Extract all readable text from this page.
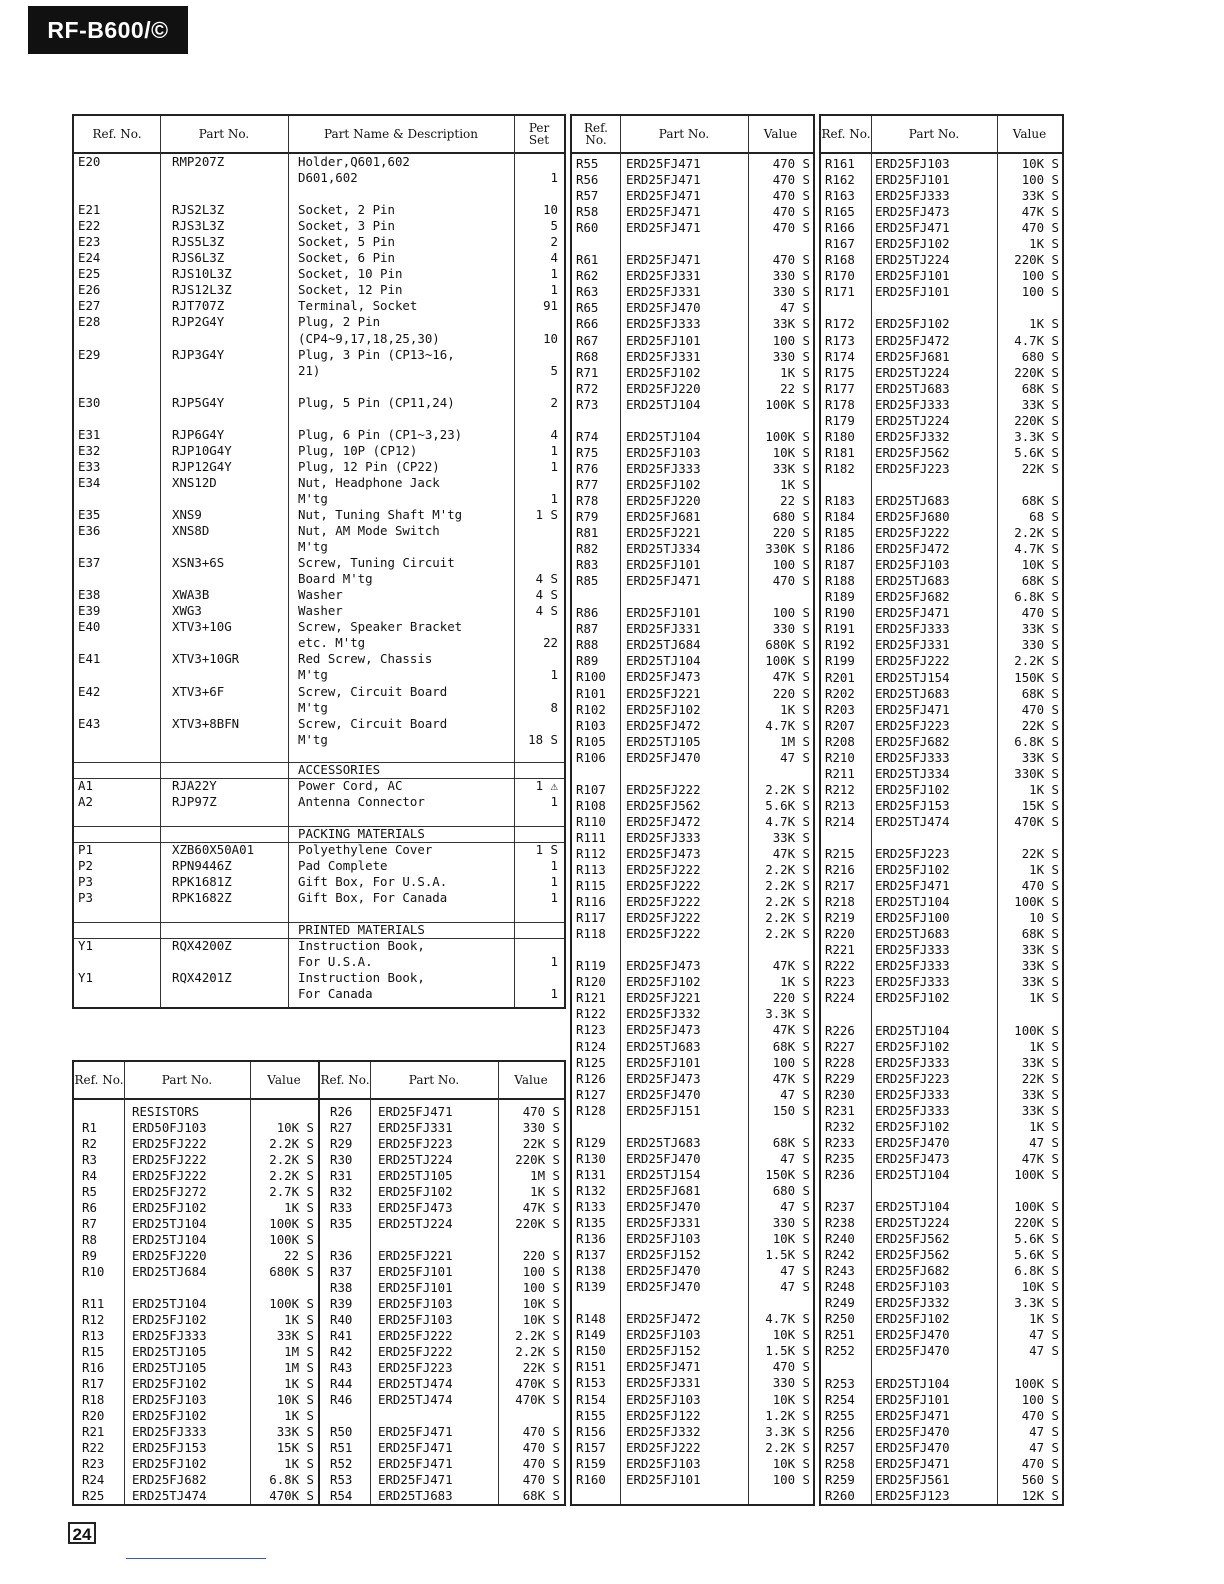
RF-B600/©
Ref. No.	Part No.	Part Name & Description	Per Set
E20	RMP207Z	Holder,Q601,602
D601,602	1
E21	RJS2L3Z	Socket, 2 Pin	10
E22	RJS3L3Z	Socket, 3 Pin	5
E23	RJS5L3Z	Socket, 5 Pin	2
E24	RJS6L3Z	Socket, 6 Pin	4
E25	RJS10L3Z	Socket, 10 Pin	1
E26	RJS12L3Z	Socket, 12 Pin	1
E27	RJT707Z	Terminal, Socket	91
E28	RJP2G4Y	Plug, 2 Pin
(CP4~9,17,18,25,30)	10
E29	RJP3G4Y	Plug, 3 Pin (CP13~16,
21)	5
E30	RJP5G4Y	Plug, 5 Pin (CP11,24)	2
E31	RJP6G4Y	Plug, 6 Pin (CP1~3,23)	4
E32	RJP10G4Y	Plug, 10P (CP12)	1
E33	RJP12G4Y	Plug, 12 Pin (CP22)	1
E34	XNS12D	Nut, Headphone Jack
M'tg	1
E35	XNS9	Nut, Tuning Shaft M'tg	1 S
E36	XNS8D	Nut, AM Mode Switch
M'tg
E37	XSN3+6S	Screw, Tuning Circuit
Board M'tg	4 S
E38	XWA3B	Washer	4 S
E39	XWG3	Washer	4 S
E40	XTV3+10G	Screw, Speaker Bracket
etc. M'tg	22
E41	XTV3+10GR	Red Screw, Chassis
M'tg	1
E42	XTV3+6F	Screw, Circuit Board
M'tg	8
E43	XTV3+8BFN	Screw, Circuit Board
M'tg	18 S
ACCESSORIES
A1	RJA22Y	Power Cord, AC	1 ⚠
A2	RJP97Z	Antenna Connector	1
PACKING MATERIALS
P1	XZB60X50A01	Polyethylene Cover	1 S
P2	RPN9446Z	Pad Complete	1
P3	RPK1681Z	Gift Box, For U.S.A.	1
P3	RPK1682Z	Gift Box, For Canada	1
PRINTED MATERIALS
Y1	RQX4200Z	Instruction Book,
For U.S.A.	1
Y1	RQX4201Z	Instruction Book,
For Canada	1
Ref. No.	Part No.	Value	Ref. No.	Part No.	Value
RESISTORS
R1	ERD50FJ103	10K S
R2	ERD25FJ222	2.2K S
R3	ERD25FJ222	2.2K S
R4	ERD25FJ222	2.2K S
R5	ERD25FJ272	2.7K S
R6	ERD25FJ102	1K S
R7	ERD25TJ104	100K S
R8	ERD25TJ104	100K S
R9	ERD25FJ220	22 S
R10	ERD25TJ684	680K S
R11	ERD25TJ104	100K S
R12	ERD25FJ102	1K S
R13	ERD25FJ333	33K S
R15	ERD25TJ105	1M S
R16	ERD25TJ105	1M S
R17	ERD25FJ102	1K S
R18	ERD25FJ103	10K S
R20	ERD25FJ102	1K S
R21	ERD25FJ333	33K S
R22	ERD25FJ153	15K S
R23	ERD25FJ102	1K S
R24	ERD25FJ682	6.8K S
R25	ERD25TJ474	470K S
R26	ERD25FJ471	470 S
R27	ERD25FJ331	330 S
R29	ERD25FJ223	22K S
R30	ERD25TJ224	220K S
R31	ERD25TJ105	1M S
R32	ERD25FJ102	1K S
R33	ERD25FJ473	47K S
R35	ERD25TJ224	220K S
R36	ERD25FJ221	220 S
R37	ERD25FJ101	100 S
R38	ERD25FJ101	100 S
R39	ERD25FJ103	10K S
R40	ERD25FJ103	10K S
R41	ERD25FJ222	2.2K S
R42	ERD25FJ222	2.2K S
R43	ERD25FJ223	22K S
R44	ERD25TJ474	470K S
R46	ERD25TJ474	470K S
R50	ERD25FJ471	470 S
R51	ERD25FJ471	470 S
R52	ERD25FJ471	470 S
R53	ERD25FJ471	470 S
R54	ERD25TJ683	68K S
Ref. No.	Part No.	Value
R55	ERD25FJ471	470 S
R56	ERD25FJ471	470 S
R57	ERD25FJ471	470 S
R58	ERD25FJ471	470 S
R60	ERD25FJ471	470 S
R61	ERD25FJ471	470 S
R62	ERD25FJ331	330 S
R63	ERD25FJ331	330 S
R65	ERD25FJ470	47 S
R66	ERD25FJ333	33K S
R67	ERD25FJ101	100 S
R68	ERD25FJ331	330 S
R71	ERD25FJ102	1K S
R72	ERD25FJ220	22 S
R73	ERD25TJ104	100K S
R74	ERD25TJ104	100K S
R75	ERD25FJ103	10K S
R76	ERD25FJ333	33K S
R77	ERD25FJ102	1K S
R78	ERD25FJ220	22 S
R79	ERD25FJ681	680 S
R81	ERD25FJ221	220 S
R82	ERD25TJ334	330K S
R83	ERD25FJ101	100 S
R85	ERD25FJ471	470 S
R86	ERD25FJ101	100 S
R87	ERD25FJ331	330 S
R88	ERD25TJ684	680K S
R89	ERD25TJ104	100K S
R100	ERD25FJ473	47K S
R101	ERD25FJ221	220 S
R102	ERD25FJ102	1K S
R103	ERD25FJ472	4.7K S
R105	ERD25TJ105	1M S
R106	ERD25FJ470	47 S
R107	ERD25FJ222	2.2K S
R108	ERD25FJ562	5.6K S
R110	ERD25FJ472	4.7K S
R111	ERD25FJ333	33K S
R112	ERD25FJ473	47K S
R113	ERD25FJ222	2.2K S
R115	ERD25FJ222	2.2K S
R116	ERD25FJ222	2.2K S
R117	ERD25FJ222	2.2K S
R118	ERD25FJ222	2.2K S
R119	ERD25FJ473	47K S
R120	ERD25FJ102	1K S
R121	ERD25FJ221	220 S
R122	ERD25FJ332	3.3K S
R123	ERD25FJ473	47K S
R124	ERD25TJ683	68K S
R125	ERD25FJ101	100 S
R126	ERD25FJ473	47K S
R127	ERD25FJ470	47 S
R128	ERD25FJ151	150 S
R129	ERD25TJ683	68K S
R130	ERD25FJ470	47 S
R131	ERD25TJ154	150K S
R132	ERD25FJ681	680 S
R133	ERD25FJ470	47 S
R135	ERD25FJ331	330 S
R136	ERD25FJ103	10K S
R137	ERD25FJ152	1.5K S
R138	ERD25FJ470	47 S
R139	ERD25FJ470	47 S
R148	ERD25FJ472	4.7K S
R149	ERD25FJ103	10K S
R150	ERD25FJ152	1.5K S
R151	ERD25FJ471	470 S
R153	ERD25FJ331	330 S
R154	ERD25FJ103	10K S
R155	ERD25FJ122	1.2K S
R156	ERD25FJ332	3.3K S
R157	ERD25FJ222	2.2K S
R159	ERD25FJ103	10K S
R160	ERD25FJ101	100 S
Ref. No.	Part No.	Value
R161	ERD25FJ103	10K S
R162	ERD25FJ101	100 S
R163	ERD25FJ333	33K S
R165	ERD25FJ473	47K S
R166	ERD25FJ471	470 S
R167	ERD25FJ102	1K S
R168	ERD25TJ224	220K S
R170	ERD25FJ101	100 S
R171	ERD25FJ101	100 S
R172	ERD25FJ102	1K S
R173	ERD25FJ472	4.7K S
R174	ERD25FJ681	680 S
R175	ERD25TJ224	220K S
R177	ERD25TJ683	68K S
R178	ERD25FJ333	33K S
R179	ERD25TJ224	220K S
R180	ERD25FJ332	3.3K S
R181	ERD25FJ562	5.6K S
R182	ERD25FJ223	22K S
R183	ERD25TJ683	68K S
R184	ERD25FJ680	68 S
R185	ERD25FJ222	2.2K S
R186	ERD25FJ472	4.7K S
R187	ERD25FJ103	10K S
R188	ERD25TJ683	68K S
R189	ERD25FJ682	6.8K S
R190	ERD25FJ471	470 S
R191	ERD25FJ333	33K S
R192	ERD25FJ331	330 S
R199	ERD25FJ222	2.2K S
R201	ERD25TJ154	150K S
R202	ERD25TJ683	68K S
R203	ERD25FJ471	470 S
R207	ERD25FJ223	22K S
R208	ERD25FJ682	6.8K S
R210	ERD25FJ333	33K S
R211	ERD25TJ334	330K S
R212	ERD25FJ102	1K S
R213	ERD25FJ153	15K S
R214	ERD25TJ474	470K S
R215	ERD25FJ223	22K S
R216	ERD25FJ102	1K S
R217	ERD25FJ471	470 S
R218	ERD25TJ104	100K S
R219	ERD25FJ100	10 S
R220	ERD25TJ683	68K S
R221	ERD25FJ333	33K S
R222	ERD25FJ333	33K S
R223	ERD25FJ333	33K S
R224	ERD25FJ102	1K S
R226	ERD25TJ104	100K S
R227	ERD25FJ102	1K S
R228	ERD25FJ333	33K S
R229	ERD25FJ223	22K S
R230	ERD25FJ333	33K S
R231	ERD25FJ333	33K S
R232	ERD25FJ102	1K S
R233	ERD25FJ470	47 S
R235	ERD25FJ473	47K S
R236	ERD25TJ104	100K S
R237	ERD25TJ104	100K S
R238	ERD25TJ224	220K S
R240	ERD25FJ562	5.6K S
R242	ERD25FJ562	5.6K S
R243	ERD25FJ682	6.8K S
R248	ERD25FJ103	10K S
R249	ERD25FJ332	3.3K S
R250	ERD25FJ102	1K S
R251	ERD25FJ470	47 S
R252	ERD25FJ470	47 S
R253	ERD25TJ104	100K S
R254	ERD25FJ101	100 S
R255	ERD25FJ471	470 S
R256	ERD25FJ470	47 S
R257	ERD25FJ470	47 S
R258	ERD25FJ471	470 S
R259	ERD25FJ561	560 S
R260	ERD25FJ123	12K S
24
